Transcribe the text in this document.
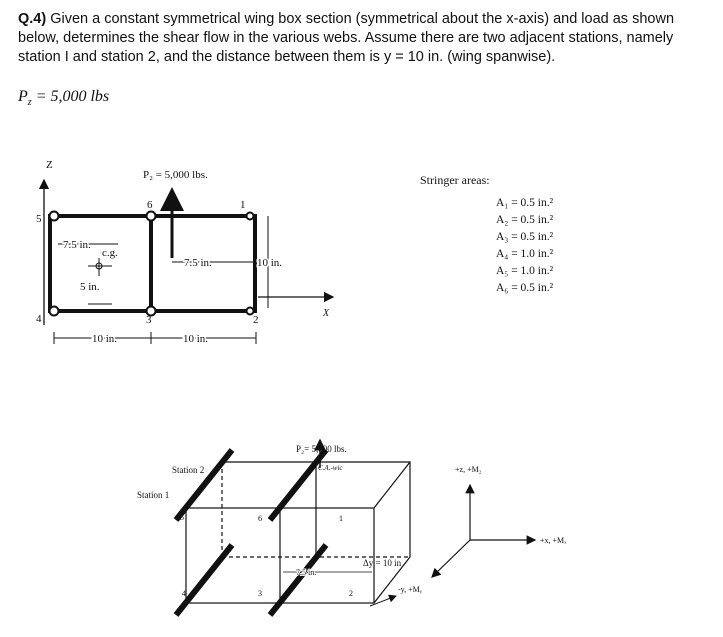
Q.4) Given a constant symmetrical wing box section (symmetrical about the x-axis) and load as shown below, determines the shear flow in the various webs. Assume there are two adjacent stations, namely station I and station 2, and the distance between them is y = 10 in. (wing spanwise).
$P_z = 5,000$ lbs
Z
1
2
3
4
5
6
P₂ = 5,000 lbs.
7.5 in.
c.g.
5 in.
7.5 in.	10 in.
X
10 in.	10 in.
Stringer areas:
A₁ = 0.5 in.²
A₂ = 0.5 in.²
A₃ = 0.5 in.²
A₄ = 1.0 in.²
A₅ = 1.0 in.²
A₆ = 0.5 in.²
P₂= 5,000 lbs.
C.A.-wic
Station 2
Station 1
5	6	1
4	3	2
7.5 in.
Δy = 10 in
+z, +M₂
+x, +Mₓ
-y, +Mᵧ
